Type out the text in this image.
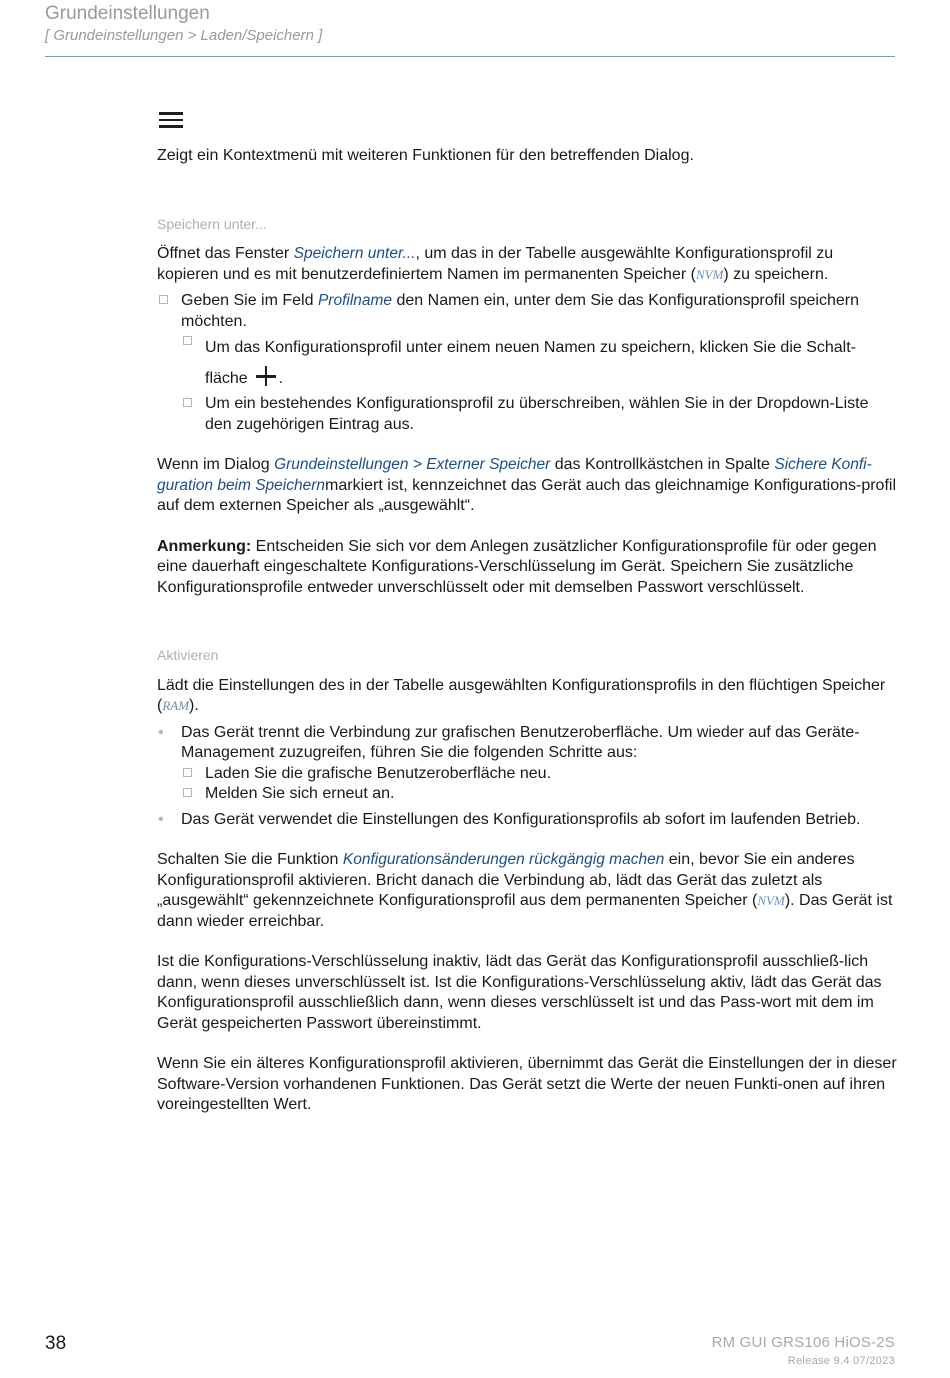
Grundeinstellungen
[ Grundeinstellungen > Laden/Speichern ]

Zeigt ein Kontextmenü mit weiteren Funktionen für den betreffenden Dialog.

Speichern unter...

Öffnet das Fenster Speichern unter..., um das in der Tabelle ausgewählte Konfigurationsprofil zu kopieren und es mit benutzerdefiniertem Namen im permanenten Speicher (NVM) zu speichern.

Geben Sie im Feld Profilname den Namen ein, unter dem Sie das Konfigurationsprofil speichern möchten.
Um das Konfigurationsprofil unter einem neuen Namen zu speichern, klicken Sie die Schalt-fläche .
Um ein bestehendes Konfigurationsprofil zu überschreiben, wählen Sie in der Dropdown-Liste den zugehörigen Eintrag aus.

Wenn im Dialog Grundeinstellungen > Externer Speicher das Kontrollkästchen in Spalte Sichere Konfi-guration beim Speichernmarkiert ist, kennzeichnet das Gerät auch das gleichnamige Konfigurations-profil auf dem externen Speicher als „ausgewählt“.

Anmerkung: Entscheiden Sie sich vor dem Anlegen zusätzlicher Konfigurationsprofile für oder gegen eine dauerhaft eingeschaltete Konfigurations-Verschlüsselung im Gerät. Speichern Sie zusätzliche Konfigurationsprofile entweder unverschlüsselt oder mit demselben Passwort verschlüsselt.

Aktivieren

Lädt die Einstellungen des in der Tabelle ausgewählten Konfigurationsprofils in den flüchtigen Speicher (RAM).

• Das Gerät trennt die Verbindung zur grafischen Benutzeroberfläche. Um wieder auf das Geräte-Management zuzugreifen, führen Sie die folgenden Schritte aus:
Laden Sie die grafische Benutzeroberfläche neu.
Melden Sie sich erneut an.
• Das Gerät verwendet die Einstellungen des Konfigurationsprofils ab sofort im laufenden Betrieb.

Schalten Sie die Funktion Konfigurationsänderungen rückgängig machen ein, bevor Sie ein anderes Konfigurationsprofil aktivieren. Bricht danach die Verbindung ab, lädt das Gerät das zuletzt als „ausgewählt“ gekennzeichnete Konfigurationsprofil aus dem permanenten Speicher (NVM). Das Gerät ist dann wieder erreichbar.

Ist die Konfigurations-Verschlüsselung inaktiv, lädt das Gerät das Konfigurationsprofil ausschließ-lich dann, wenn dieses unverschlüsselt ist. Ist die Konfigurations-Verschlüsselung aktiv, lädt das Gerät das Konfigurationsprofil ausschließlich dann, wenn dieses verschlüsselt ist und das Pass-wort mit dem im Gerät gespeicherten Passwort übereinstimmt.

Wenn Sie ein älteres Konfigurationsprofil aktivieren, übernimmt das Gerät die Einstellungen der in dieser Software-Version vorhandenen Funktionen. Das Gerät setzt die Werte der neuen Funkti-onen auf ihren voreingestellten Wert.

38	RM GUI GRS106 HiOS-2S
Release 9.4 07/2023
